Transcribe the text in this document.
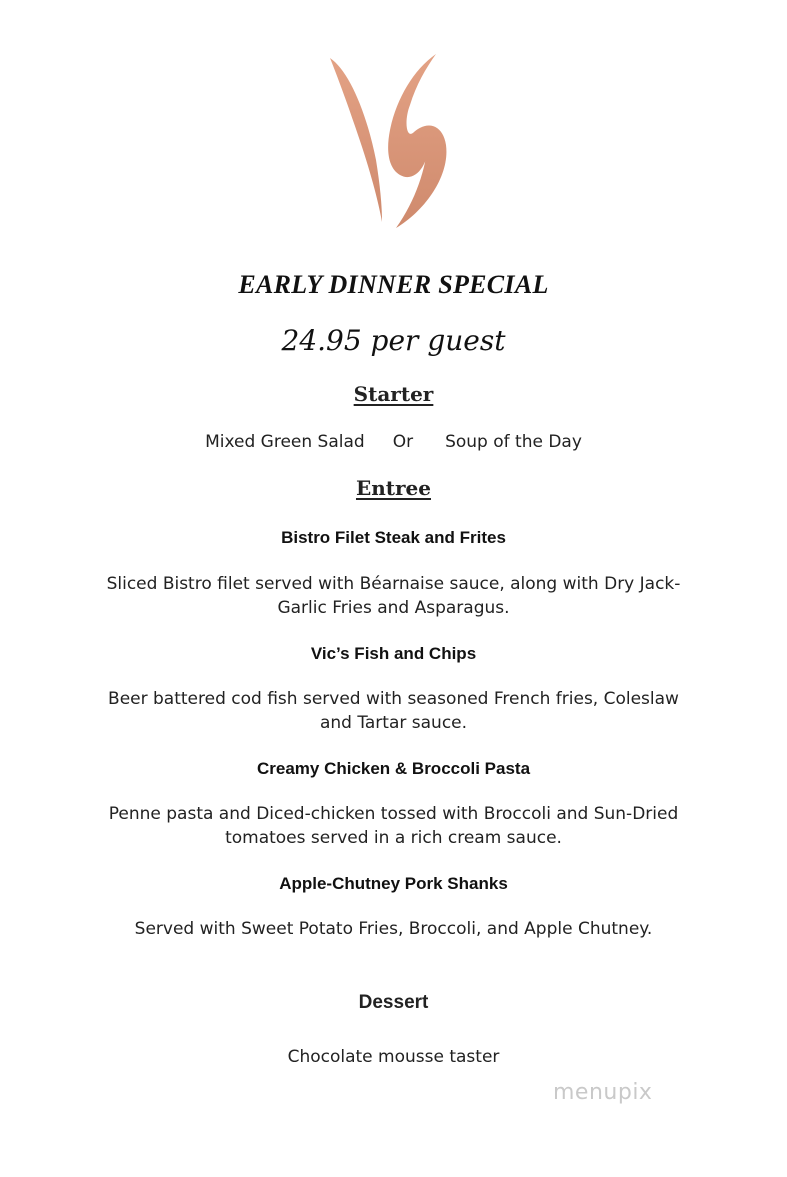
EARLY DINNER SPECIAL
24.95 per guest
Starter
Mixed Green Salad Or Soup of the Day
Entree
Bistro Filet Steak and Frites
Sliced Bistro filet served with Béarnaise sauce, along with Dry Jack-
Garlic Fries and Asparagus.
Vic’s Fish and Chips
Beer battered cod fish served with seasoned French fries, Coleslaw
and Tartar sauce.
Creamy Chicken & Broccoli Pasta
Penne pasta and Diced-chicken tossed with Broccoli and Sun-Dried
tomatoes served in a rich cream sauce.
Apple-Chutney Pork Shanks
Served with Sweet Potato Fries, Broccoli, and Apple Chutney.
Dessert
Chocolate mousse taster
menupix
